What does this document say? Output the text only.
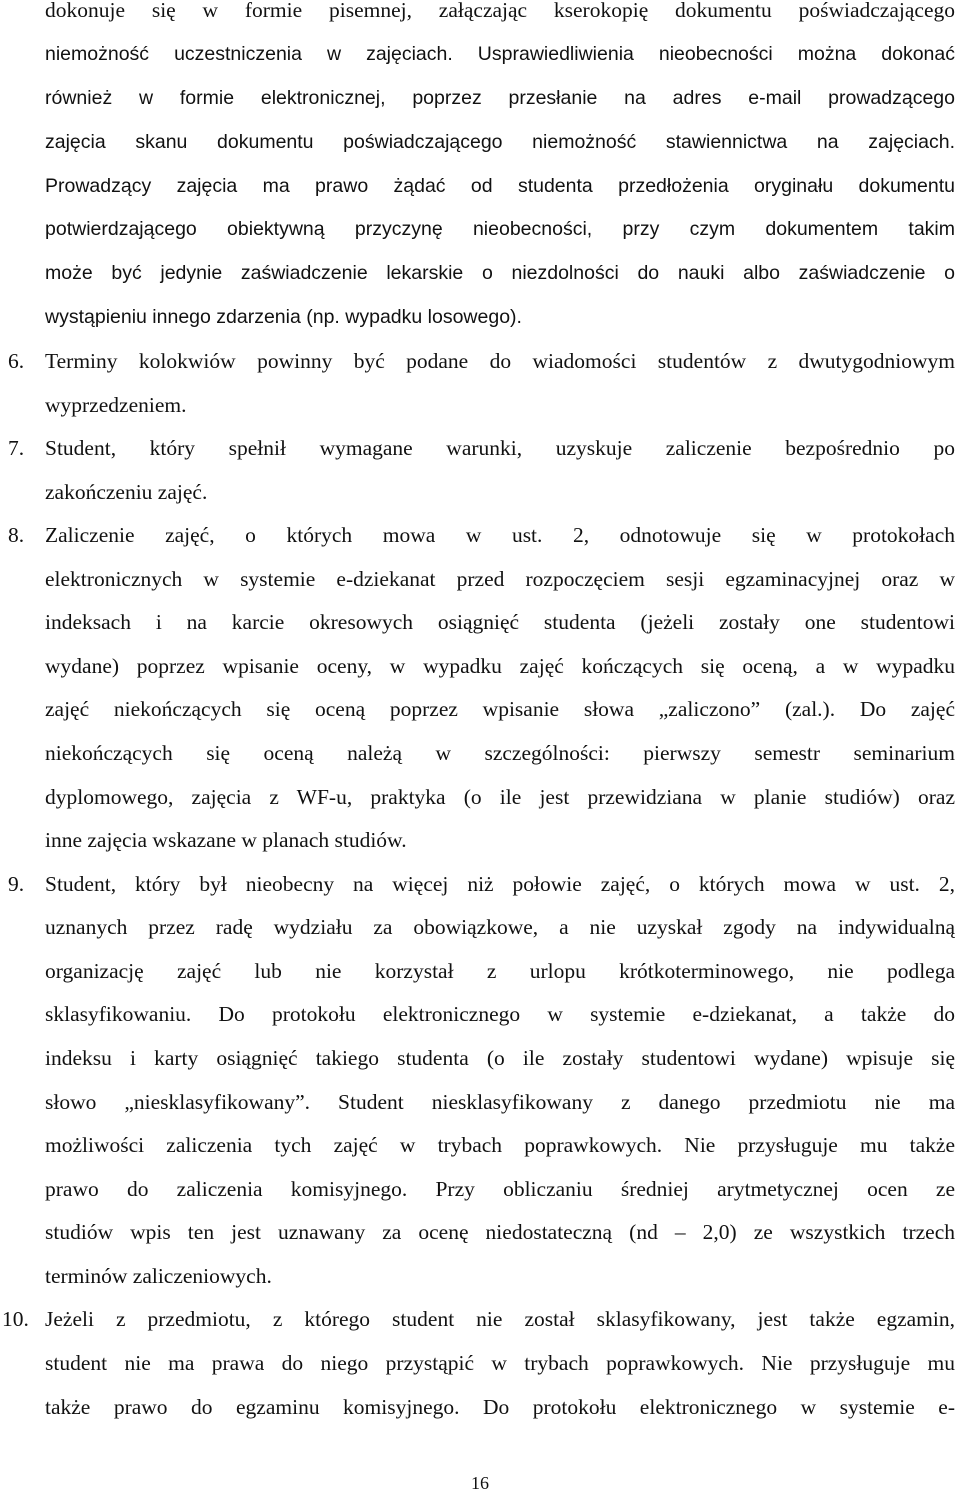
dokonuje się w formie pisemnej, załączając kserokopię dokumentu poświadczającego
niemożność uczestniczenia w zajęciach. Usprawiedliwienia nieobecności można dokonać
również w formie elektronicznej, poprzez przesłanie na adres e-mail prowadzącego
zajęcia skanu dokumentu poświadczającego niemożność stawiennictwa na zajęciach.
Prowadzący zajęcia ma prawo żądać od studenta przedłożenia oryginału dokumentu
potwierdzającego obiektywną przyczynę nieobecności, przy czym dokumentem takim
może być jedynie zaświadczenie lekarskie o niezdolności do nauki albo zaświadczenie o
wystąpieniu innego zdarzenia (np. wypadku losowego).
6. Terminy kolokwiów powinny być podane do wiadomości studentów z dwutygodniowym
wyprzedzeniem.
7. Student, który spełnił wymagane warunki, uzyskuje zaliczenie bezpośrednio po
zakończeniu zajęć.
8. Zaliczenie zajęć, o których mowa w ust. 2, odnotowuje się w protokołach
elektronicznych w systemie e-dziekanat przed rozpoczęciem sesji egzaminacyjnej oraz w
indeksach i na karcie okresowych osiągnięć studenta (jeżeli zostały one studentowi
wydane) poprzez wpisanie oceny, w wypadku zajęć kończących się oceną, a w wypadku
zajęć niekończących się oceną poprzez wpisanie słowa „zaliczono” (zal.). Do zajęć
niekończących się oceną należą w szczególności: pierwszy semestr seminarium
dyplomowego, zajęcia z WF-u, praktyka (o ile jest przewidziana w planie studiów) oraz
inne zajęcia wskazane w planach studiów.
9. Student, który był nieobecny na więcej niż połowie zajęć, o których mowa w ust. 2,
uznanych przez radę wydziału za obowiązkowe, a nie uzyskał zgody na indywidualną
organizację zajęć lub nie korzystał z urlopu krótkoterminowego, nie podlega
sklasyfikowaniu. Do protokołu elektronicznego w systemie e-dziekanat, a także do
indeksu i karty osiągnięć takiego studenta (o ile zostały studentowi wydane) wpisuje się
słowo „niesklasyfikowany”. Student niesklasyfikowany z danego przedmiotu nie ma
możliwości zaliczenia tych zajęć w trybach poprawkowych. Nie przysługuje mu także
prawo do zaliczenia komisyjnego. Przy obliczaniu średniej arytmetycznej ocen ze
studiów wpis ten jest uznawany za ocenę niedostateczną (nd – 2,0) ze wszystkich trzech
terminów zaliczeniowych.
10. Jeżeli z przedmiotu, z którego student nie został sklasyfikowany, jest także egzamin,
student nie ma prawa do niego przystąpić w trybach poprawkowych. Nie przysługuje mu
także prawo do egzaminu komisyjnego. Do protokołu elektronicznego w systemie e-
16
